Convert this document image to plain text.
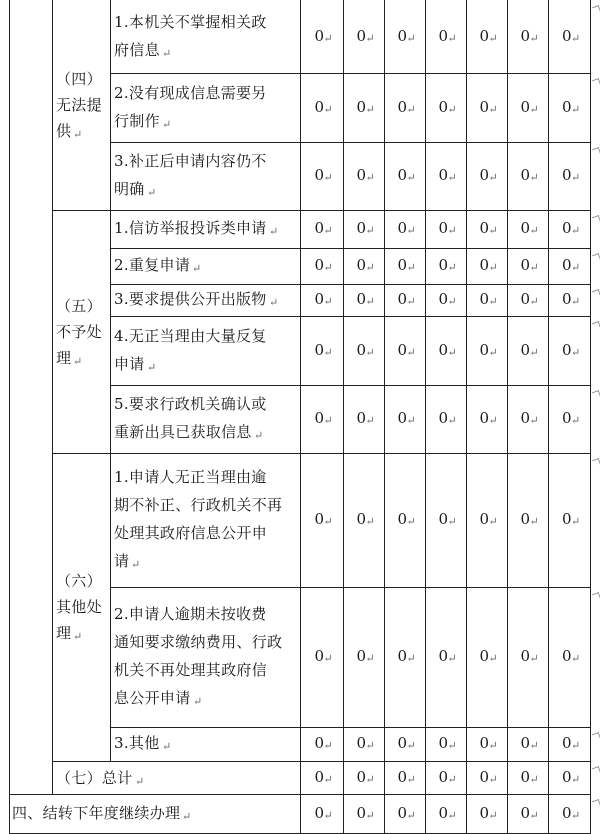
（四）
无法提
供 ↵
1.本机关不掌握相关政
府信息 ↵
0 ↵ 0 ↵ 0 ↵ 0 ↵ 0 ↵ 0 ↵ 0 ↵
2.没有现成信息需要另
行制作 ↵
0 ↵ 0 ↵ 0 ↵ 0 ↵ 0 ↵ 0 ↵ 0 ↵
3.补正后申请内容仍不
明确 ↵
0 ↵ 0 ↵ 0 ↵ 0 ↵ 0 ↵ 0 ↵ 0 ↵
（五）
不予处
理 ↵
1.信访举报投诉类申请 ↵ 0 ↵ 0 ↵ 0 ↵ 0 ↵ 0 ↵ 0 ↵ 0 ↵
2.重复申请 ↵	0 ↵ 0 ↵ 0 ↵ 0 ↵ 0 ↵ 0 ↵ 0 ↵
3.要求提供公开出版物 ↵ 0 ↵ 0 ↵ 0 ↵ 0 ↵ 0 ↵ 0 ↵ 0 ↵
4.无正当理由大量反复
申请 ↵
0 ↵ 0 ↵ 0 ↵ 0 ↵ 0 ↵ 0 ↵ 0 ↵
5.要求行政机关确认或
重新出具已获取信息 ↵
0 ↵ 0 ↵ 0 ↵ 0 ↵ 0 ↵ 0 ↵ 0 ↵
（六）
其他处
理 ↵
1.申请人无正当理由逾
期不补正、行政机关不再
处理其政府信息公开申
请 ↵
0 ↵ 0 ↵ 0 ↵ 0 ↵ 0 ↵ 0 ↵ 0 ↵
2.申请人逾期未按收费
通知要求缴纳费用、行政
机关不再处理其政府信
息公开申请 ↵
0 ↵ 0 ↵ 0 ↵ 0 ↵ 0 ↵ 0 ↵ 0 ↵
3.其他 ↵	0 ↵ 0 ↵ 0 ↵ 0 ↵ 0 ↵ 0 ↵ 0 ↵
（七）总计 ↵	0 ↵ 0 ↵ 0 ↵ 0 ↵ 0 ↵ 0 ↵ 0 ↵
四、结转下年度继续办理 ↵	0 ↵ 0 ↵ 0 ↵ 0 ↵ 0 ↵ 0 ↵ 0 ↵
